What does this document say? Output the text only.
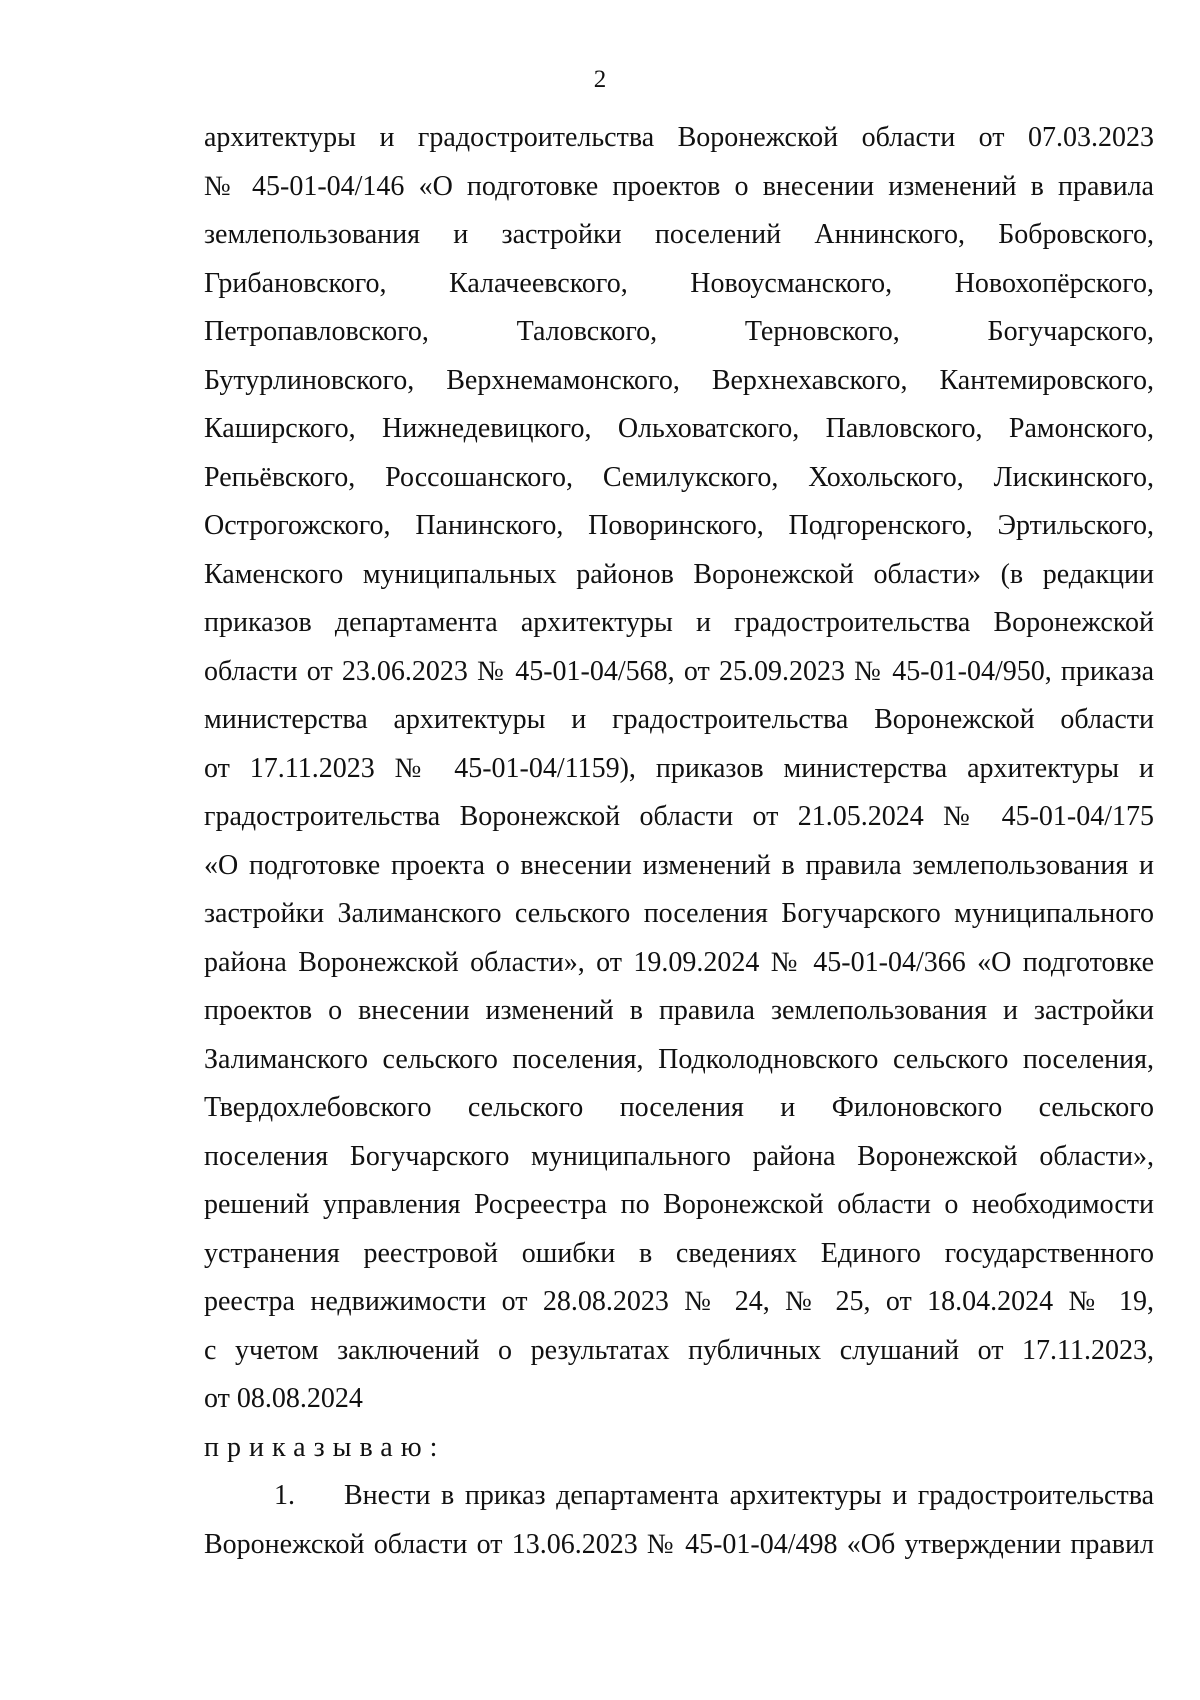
2

архитектуры и градостроительства Воронежской области от 07.03.2023

№ 45-01-04/146 «О подготовке проектов о внесении изменений в правила

землепользования и застройки поселений Аннинского, Бобровского,

Грибановского, Калачеевского, Новоусманского, Новохопёрского,

Петропавловского, Таловского, Терновского, Богучарского,

Бутурлиновского, Верхнемамонского, Верхнехавского, Кантемировского,

Каширского, Нижнедевицкого, Ольховатского, Павловского, Рамонского,

Репьёвского, Россошанского, Семилукского, Хохольского, Лискинского,

Острогожского, Панинского, Поворинского, Подгоренского, Эртильского,

Каменского муниципальных районов Воронежской области» (в редакции

приказов департамента архитектуры и градостроительства Воронежской

области от 23.06.2023 № 45-01-04/568, от 25.09.2023 № 45-01-04/950, приказа

министерства архитектуры и градостроительства Воронежской области

от 17.11.2023 № 45-01-04/1159), приказов министерства архитектуры и

градостроительства Воронежской области от 21.05.2024 № 45-01-04/175

«О подготовке проекта о внесении изменений в правила землепользования и

застройки Залиманского сельского поселения Богучарского муниципального

района Воронежской области», от 19.09.2024 № 45-01-04/366 «О подготовке

проектов о внесении изменений в правила землепользования и застройки

Залиманского сельского поселения, Подколодновского сельского поселения,

Твердохлебовского сельского поселения и Филоновского сельского

поселения Богучарского муниципального района Воронежской области»,

решений управления Росреестра по Воронежской области о необходимости

устранения реестровой ошибки в сведениях Единого государственного

реестра недвижимости от 28.08.2023 № 24, № 25, от 18.04.2024 № 19,

с учетом заключений о результатах публичных слушаний от 17.11.2023,

от 08.08.2024

приказываю:

1. Внести в приказ департамента архитектуры и градостроительства

Воронежской области от 13.06.2023 № 45-01-04/498 «Об утверждении правил
